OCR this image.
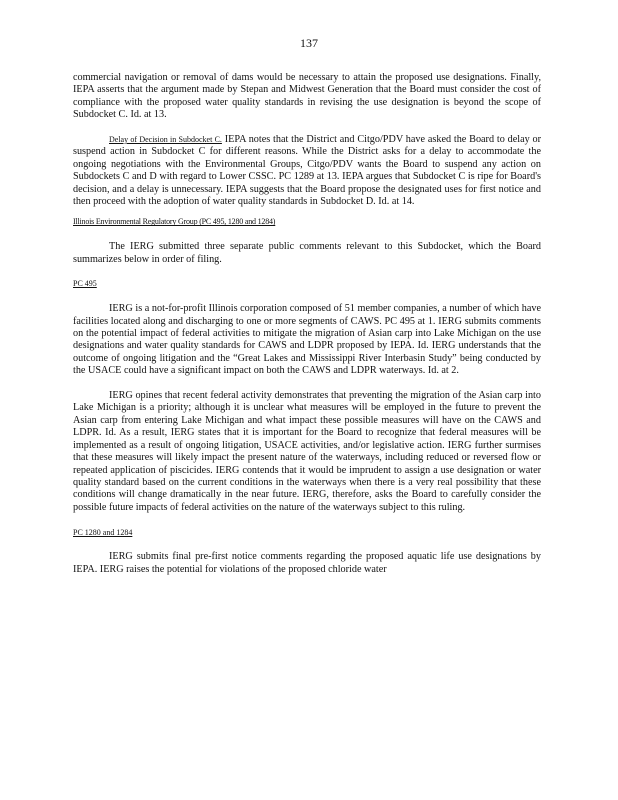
137

commercial navigation or removal of dams would be necessary to attain the proposed use designations. Finally, IEPA asserts that the argument made by Stepan and Midwest Generation that the Board must consider the cost of compliance with the proposed water quality standards in revising the use designation is beyond the scope of Subdocket C. Id. at 13.

Delay of Decision in Subdocket C. IEPA notes that the District and Citgo/PDV have asked the Board to delay or suspend action in Subdocket C for different reasons. While the District asks for a delay to accommodate the ongoing negotiations with the Environmental Groups, Citgo/PDV wants the Board to suspend any action on Subdockets C and D with regard to Lower CSSC. PC 1289 at 13. IEPA argues that Subdocket C is ripe for Board's decision, and a delay is unnecessary. IEPA suggests that the Board propose the designated uses for first notice and then proceed with the adoption of water quality standards in Subdocket D. Id. at 14.

Illinois Environmental Regulatory Group (PC 495, 1280 and 1284)

The IERG submitted three separate public comments relevant to this Subdocket, which the Board summarizes below in order of filing.

PC 495

IERG is a not-for-profit Illinois corporation composed of 51 member companies, a number of which have facilities located along and discharging to one or more segments of CAWS. PC 495 at 1. IERG submits comments on the potential impact of federal activities to mitigate the migration of Asian carp into Lake Michigan on the use designations and water quality standards for CAWS and LDPR proposed by IEPA. Id. IERG understands that the outcome of ongoing litigation and the “Great Lakes and Mississippi River Interbasin Study” being conducted by the USACE could have a significant impact on both the CAWS and LDPR waterways. Id. at 2.

IERG opines that recent federal activity demonstrates that preventing the migration of the Asian carp into Lake Michigan is a priority; although it is unclear what measures will be employed in the future to prevent the Asian carp from entering Lake Michigan and what impact these possible measures will have on the CAWS and LDPR. Id. As a result, IERG states that it is important for the Board to recognize that federal measures will be implemented as a result of ongoing litigation, USACE activities, and/or legislative action. IERG further surmises that these measures will likely impact the present nature of the waterways, including reduced or reversed flow or repeated application of piscicides. IERG contends that it would be imprudent to assign a use designation or water quality standard based on the current conditions in the waterways when there is a very real possibility that these conditions will change dramatically in the near future. IERG, therefore, asks the Board to carefully consider the possible future impacts of federal activities on the nature of the waterways subject to this ruling.

PC 1280 and 1284

IERG submits final pre-first notice comments regarding the proposed aquatic life use designations by IEPA. IERG raises the potential for violations of the proposed chloride water
